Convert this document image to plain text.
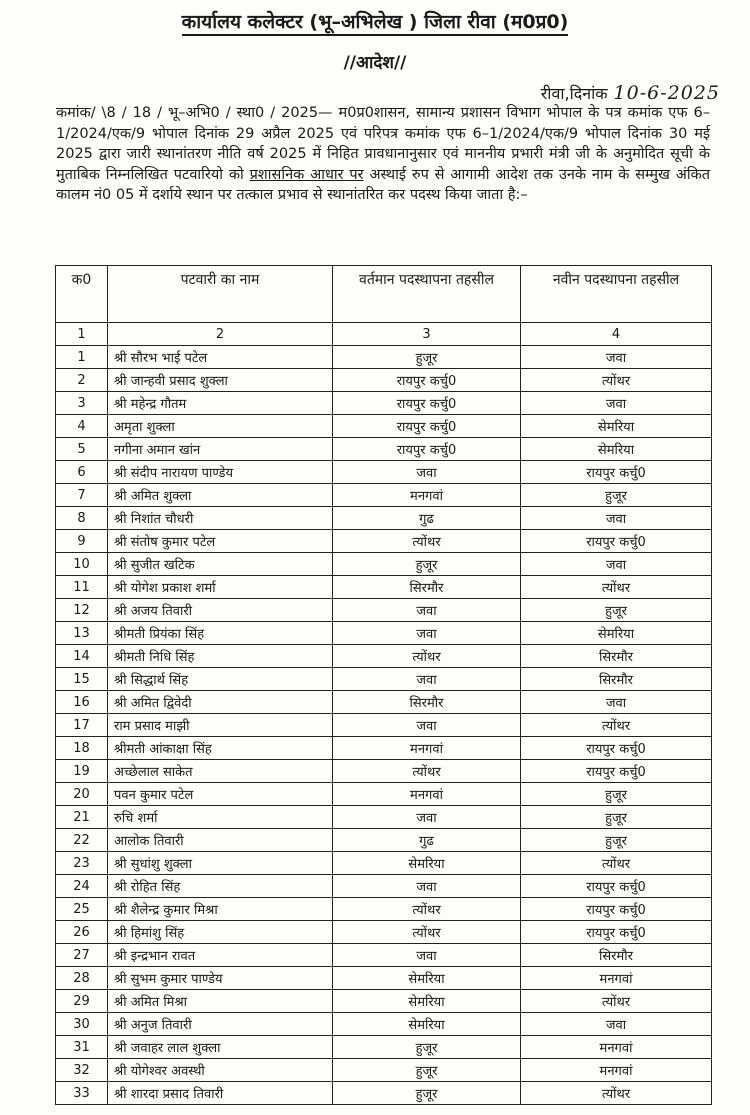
कार्यालय कलेक्टर (भू–अभिलेख ) जिला रीवा (म0प्र0)
//आदेश//
रीवा,दिनांक 10-6-2025
कमांक/ \8 / 18 / भू–अभि0 / स्था0 / 2025— म0प्र0शासन, सामान्य प्रशासन विभाग भोपाल के पत्र कमांक एफ 6–1/2024/एक/9 भोपाल दिनांक 29 अप्रैल 2025 एवं परिपत्र कमांक एफ 6–1/2024/एक/9 भोपाल दिनांक 30 मई 2025 द्वारा जारी स्थानांतरण नीति वर्ष 2025 में निहित प्रावधानानुसार एवं माननीय प्रभारी मंत्री जी के अनुमोदित सूची के मुताबिक निम्नलिखित पटवारियो को प्रशासनिक आधार पर अस्थाई रुप से आगामी आदेश तक उनके नाम के सम्मुख अंकित कालम नं0 05 में दर्शाये स्थान पर तत्काल प्रभाव से स्थानांतरित कर पदस्थ किया जाता है:–
क0	पटवारी का नाम	वर्तमान पदस्थापना तहसील	नवीन पदस्थापना तहसील
1	2	3	4
1	श्री सौरभ भाई पटेल	हुजूर	जवा
2	श्री जान्हवी प्रसाद शुक्ला	रायपुर कर्चु0	त्योंथर
3	श्री महेन्द्र गौतम	रायपुर कर्चु0	जवा
4	अमृता शुक्ला	रायपुर कर्चु0	सेमरिया
5	नगीना अमान खांन	रायपुर कर्चु0	सेमरिया
6	श्री संदीप नारायण पाण्डेय	जवा	रायपुर कर्चु0
7	श्री अमित शुक्ला	मनगवां	हुजूर
8	श्री निशांत चौधरी	गुढ	जवा
9	श्री संतोष कुमार पटेल	त्योंथर	रायपुर कर्चु0
10	श्री सुजीत खटिक	हुजूर	जवा
11	श्री योगेश प्रकाश शर्मा	सिरमौर	त्योंथर
12	श्री अजय तिवारी	जवा	हुजूर
13	श्रीमती प्रियंका सिंह	जवा	सेमरिया
14	श्रीमती निधि सिंह	त्योंथर	सिरमौर
15	श्री सिद्धार्थ सिंह	जवा	सिरमौर
16	श्री अमित द्विवेदी	सिरमौर	जवा
17	राम प्रसाद माझी	जवा	त्योंथर
18	श्रीमती आंकाक्षा सिंह	मनगवां	रायपुर कर्चु0
19	अच्छेलाल साकेत	त्योंथर	रायपुर कर्चु0
20	पवन कुमार पटेल	मनगवां	हुजूर
21	रुचि शर्मा	जवा	हुजूर
22	आलोक तिवारी	गुढ	हुजूर
23	श्री सुधांशु शुक्ला	सेमरिया	त्योंथर
24	श्री रोहित सिंह	जवा	रायपुर कर्चु0
25	श्री शैलेन्द्र कुमार मिश्रा	त्योंथर	रायपुर कर्चु0
26	श्री हिमांशु सिंह	त्योंथर	रायपुर कर्चु0
27	श्री इन्द्रभान रावत	जवा	सिरमौर
28	श्री सुभम कुमार पाण्डेय	सेमरिया	मनगवां
29	श्री अमित मिश्रा	सेमरिया	त्योंथर
30	श्री अनुज तिवारी	सेमरिया	जवा
31	श्री जवाहर लाल शुक्ला	हुजूर	मनगवां
32	श्री योगेश्वर अवस्थी	हुजूर	मनगवां
33	श्री शारदा प्रसाद तिवारी	हुजूर	त्योंथर
